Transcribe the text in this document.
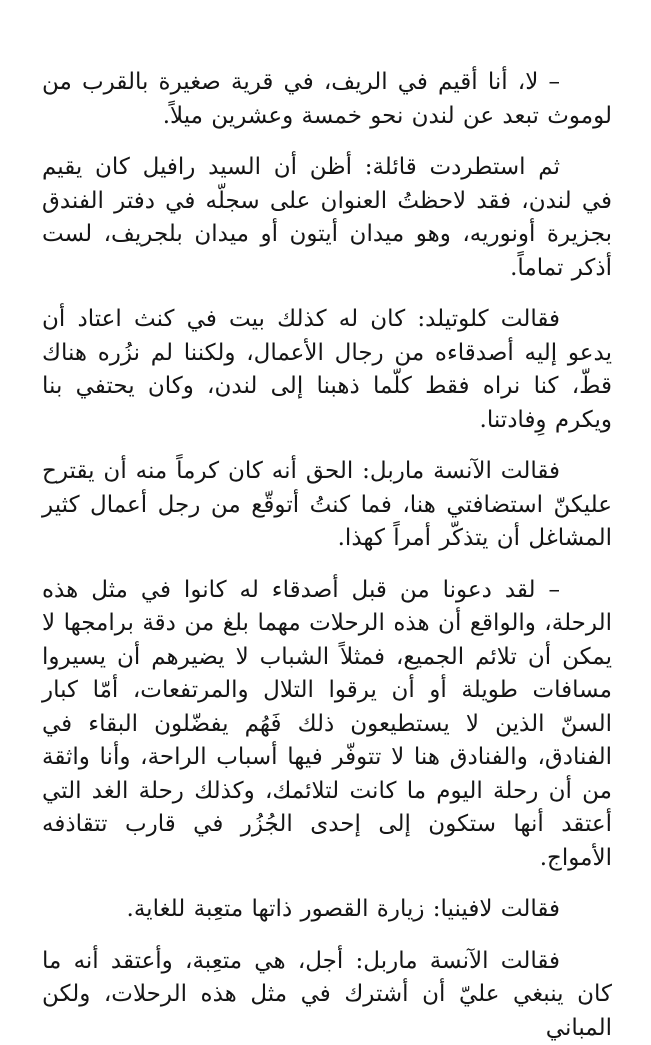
– لا، أنا أقيم في الريف، في قرية صغيرة بالقرب من لوموث تبعد عن لندن نحو خمسة وعشرين ميلاً.

ثم استطردت قائلة: أظن أن السيد رافيل كان يقيم في لندن، فقد لاحظتُ العنوان على سجلّه في دفتر الفندق بجزيرة أونوريه، وهو ميدان أيتون أو ميدان بلجريف، لست أذكر تماماً.

فقالت كلوتيلد: كان له كذلك بيت في كنث اعتاد أن يدعو إليه أصدقاءه من رجال الأعمال، ولكننا لم نزُره هناك قطّ، كنا نراه فقط كلّما ذهبنا إلى لندن، وكان يحتفي بنا ويكرم وِفادتنا.

فقالت الآنسة ماربل: الحق أنه كان كرماً منه أن يقترح عليكنّ استضافتي هنا، فما كنتُ أتوقّع من رجل أعمال كثير المشاغل أن يتذكّر أمراً كهذا.

– لقد دعونا من قبل أصدقاء له كانوا في مثل هذه الرحلة، والواقع أن هذه الرحلات مهما بلغ من دقة برامجها لا يمكن أن تلائم الجميع، فمثلاً الشباب لا يضيرهم أن يسيروا مسافات طويلة أو أن يرقوا التلال والمرتفعات، أمّا كبار السنّ الذين لا يستطيعون ذلك فَهُم يفضّلون البقاء في الفنادق، والفنادق هنا لا تتوفّر فيها أسباب الراحة، وأنا واثقة من أن رحلة اليوم ما كانت لتلائمك، وكذلك رحلة الغد التي أعتقد أنها ستكون إلى إحدى الجُزُر في قارب تتقاذفه الأمواج.

فقالت لافينيا: زيارة القصور ذاتها متعِبة للغاية.

فقالت الآنسة ماربل: أجل، هي متعِبة، وأعتقد أنه ما كان ينبغي عليّ أن أشترك في مثل هذه الرحلات، ولكن المباني
